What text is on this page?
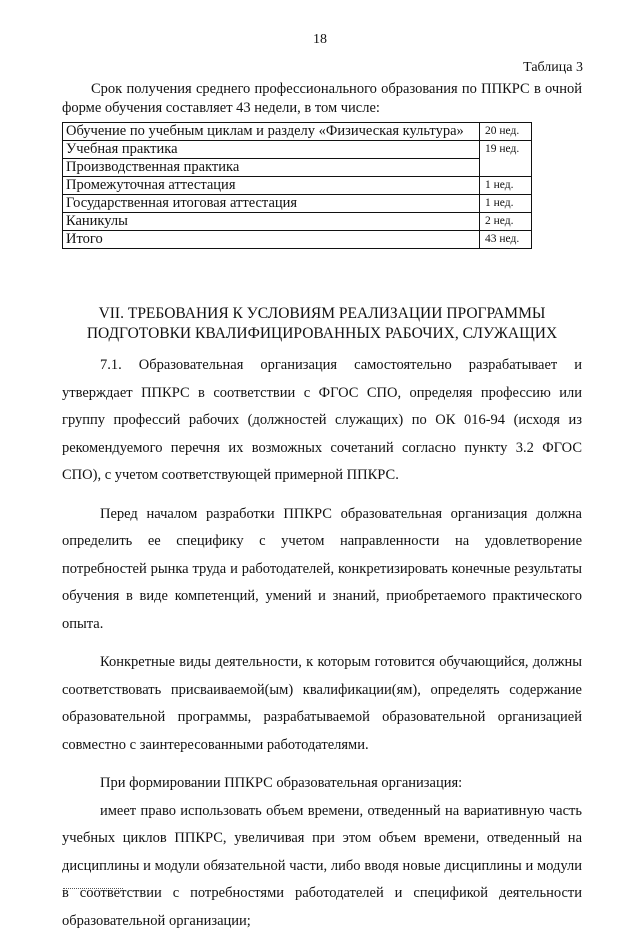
18
Таблица 3
Срок получения среднего профессионального образования по ППКРС в очной форме обучения составляет 43 недели, в том числе:
Обучение по учебным циклам и разделу «Физическая культура»	20 нед.
Учебная практика	19 нед.
Производственная практика	
Промежуточная аттестация	1 нед.
Государственная итоговая аттестация	1 нед.
Каникулы	2 нед.
Итого	43 нед.
VII. ТРЕБОВАНИЯ К УСЛОВИЯМ РЕАЛИЗАЦИИ ПРОГРАММЫ
ПОДГОТОВКИ КВАЛИФИЦИРОВАННЫХ РАБОЧИХ, СЛУЖАЩИХ

7.1. Образовательная организация самостоятельно разрабатывает и утверждает ППКРС в соответствии с ФГОС СПО, определяя профессию или группу профессий рабочих (должностей служащих) по ОК 016-94 (исходя из рекомендуемого перечня их возможных сочетаний согласно пункту 3.2 ФГОС СПО), с учетом соответствующей примерной ППКРС.

Перед началом разработки ППКРС образовательная организация должна определить ее специфику с учетом направленности на удовлетворение потребностей рынка труда и работодателей, конкретизировать конечные результаты обучения в виде компетенций, умений и знаний, приобретаемого практического опыта.

Конкретные виды деятельности, к которым готовится обучающийся, должны соответствовать присваиваемой(ым) квалификации(ям), определять содержание образовательной программы, разрабатываемой образовательной организацией совместно с заинтересованными работодателями.

При формировании ППКРС образовательная организация:

имеет право использовать объем времени, отведенный на вариативную часть учебных циклов ППКРС, увеличивая при этом объем времени, отведенный на дисциплины и модули обязательной части, либо вводя новые дисциплины и модули в соответствии с потребностями работодателей и спецификой деятельности образовательной организации;
